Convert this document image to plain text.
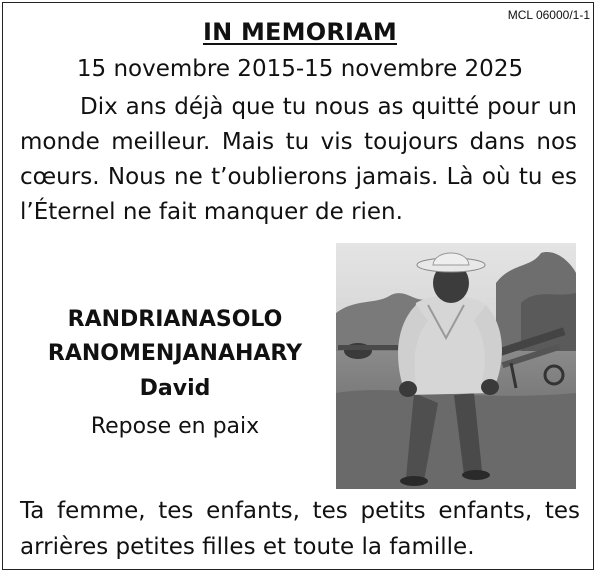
MCL 06000/1-1
IN MEMORIAM
15 novembre 2015-15 novembre 2025

Dix ans déjà que tu nous as quitté pour un monde meilleur. Mais tu vis toujours dans nos cœurs. Nous ne t’oublierons jamais. Là où tu es l’Éternel ne fait manquer de rien.

RANDRIANASOLO
RANOMENJANAHARY
David
Repose en paix

Ta femme, tes enfants, tes petits enfants, tes arrières petites filles et toute la famille.
